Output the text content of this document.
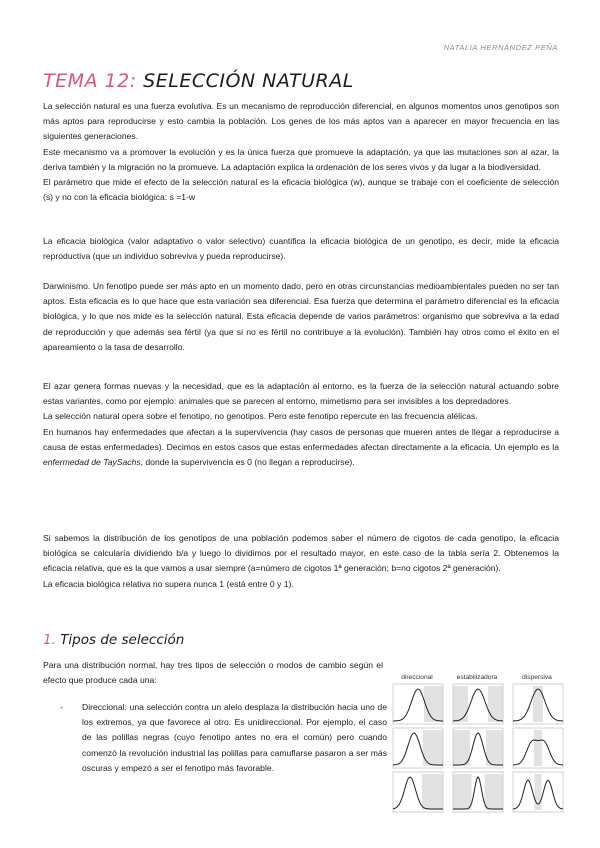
NATALIA HERNÁNDEZ PEÑA
TEMA 12: SELECCIÓN NATURAL

La selección natural es una fuerza evolutiva. Es un mecanismo de reproducción diferencial, en algunos momentos unos genotipos son más aptos para reproducirse y esto cambia la población. Los genes de los más aptos van a aparecer en mayor frecuencia en las siguientes generaciones.

Este mecanismo va a promover la evolución y es la única fuerza que promueve la adaptación, ya que las mutaciones son al azar, la deriva también y la migración no la promueve. La adaptación explica la ordenación de los seres vivos y da lugar a la biodiversidad.

El parámetro que mide el efecto de la selección natural es la eficacia biológica (w), aunque se trabaje con el coeficiente de selección (s) y no con la eficacia biológica: s =1-w

La eficacia biológica (valor adaptativo o valor selectivo) cuantifica la eficacia biológica de un genotipo, es decir, mide la eficacia reproductiva (que un individuo sobreviva y pueda reproducirse).

Darwinismo. Un fenotipo puede ser más apto en un momento dado, pero en otras circunstancias medioambientales pueden no ser tan aptos. Esta eficacia es lo que hace que esta variación sea diferencial. Esa fuerza que determina el parámetro diferencial es la eficacia biológica, y lo que nos mide es la selección natural. Esta eficacia depende de varios parámetros: organismo que sobreviva a la edad de reproducción y que además sea fértil (ya que si no es fértil no contribuye a la evolución). También hay otros como el éxito en el apareamiento o la tasa de desarrollo.

El azar genera formas nuevas y la necesidad, que es la adaptación al entorno, es la fuerza de la selección natural actuando sobre estas variantes, como por ejemplo: animales que se parecen al entorno, mimetismo para ser invisibles a los depredadores.

La selección natural opera sobre el fenotipo, no genotipos. Pero este fenotipo repercute en las frecuencia alélicas.

En humanos hay enfermedades que afectan a la supervivencia (hay casos de personas que mueren antes de llegar a reproducirse a causa de estas enfermedades). Decimos en estos casos que estas enfermedades afectan directamente a la eficacia. Un ejemplo es la enfermedad de TaySachs, donde la supervivencia es 0 (no llegan a reproducirse).

Si sabemos la distribución de los genotipos de una población podemos saber el número de cigotos de cada genotipo, la eficacia biológica se calcularía dividiendo b/a y luego lo dividimos por el resultado mayor, en este caso de la tabla sería 2. Obtenemos la eficacia relativa, que es la que vamos a usar siempre (a=número de cigotos 1ª generación; b=no cigotos 2ª generación).

La eficacia biológica relativa no supera nunca 1 (está entre 0 y 1).

1. Tipos de selección

Para una distribución normal, hay tres tipos de selección o modos de cambio según el efecto que produce cada una:

- Direccional: una selección contra un alelo desplaza la distribución hacia uno de los extremos, ya que favorece al otro. Es unidireccional. Por ejemplo, el caso de las polillas negras (cuyo fenotipo antes no era el común) pero cuando comenzó la revolución industrial las polillas para camuflarse pasaron a ser más oscuras y empezó a ser el fenotipo más favorable.
direccional	estabilizadora	dispersiva
